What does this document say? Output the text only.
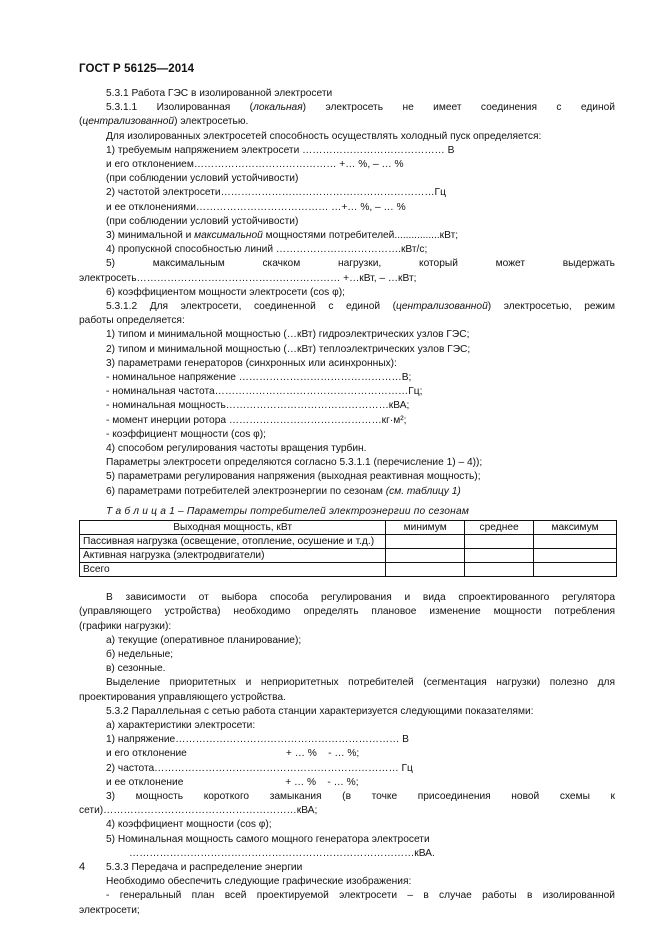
ГОСТ Р 56125—2014

5.3.1 Работа ГЭС в изолированной электросети

5.3.1.1 Изолированная (локальная) электросеть не имеет соединения с единой

(централизованной) электросетью.

Для изолированных электросетей способность осуществлять холодный пуск определяется:

1) требуемым напряжением электросети …………………………………… В

и его отклонением…………………………………… +… %, – … %

(при соблюдении условий устойчивости)

2) частотой электросети………………………………………………………Гц

и ее отклонениями………………………………… …+… %, – … %

(при соблюдении условий устойчивости)

3) минимальной и максимальной мощностями потребителей................кВт;

4) пропускной способностью линий ……………………………….кВт/с;

5) максимальным скачком нагрузки, который может выдержать

электросеть…………………………………………………… +…кВт, – …кВт;

6) коэффициентом мощности электросети (cos φ);

5.3.1.2 Для электросети, соединенной с единой (централизованной) электросетью, режим

работы определяется:

1) типом и минимальной мощностью (…кВт) гидроэлектрических узлов ГЭС;

2) типом и минимальной мощностью (…кВт) теплоэлектрических узлов ГЭС;

3) параметрами генераторов (синхронных или асинхронных):

- номинальное напряжение …………………………………………В;

- номинальная частота…………………………………………………Гц;

- номинальная мощность…………………………………………кВА;

- момент инерции ротора ………………………………………кг·м²;

- коэффициент мощности (cos φ);

4) способом регулирования частоты вращения турбин.

Параметры электросети определяются согласно 5.3.1.1 (перечисление 1) – 4));

5) параметрами регулирования напряжения (выходная реактивная мощность);

6) параметрами потребителей электроэнергии по сезонам (см. таблицу 1)

Т а б л и ц а 1 – Параметры потребителей электроэнергии по сезонам

Выходная мощность, кВт	минимум	среднее	максимум
Пассивная нагрузка (освещение, отопление, осушение и т.д.)			
Активная нагрузка (электродвигатели)			
Всего			

В зависимости от выбора способа регулирования и вида спроектированного регулятора

(управляющего устройства) необходимо определять плановое изменение мощности потребления

(графики нагрузки):

а) текущие (оперативное планирование);

б) недельные;

в) сезонные.

Выделение приоритетных и неприоритетных потребителей (сегментация нагрузки) полезно для

проектирования управляющего устройства.

5.3.2 Параллельная с сетью работа станции характеризуется следующими показателями:

а) характеристики электросети:

1) напряжение………………………………………………………… В

и его отклонение                                   + … %    - … %;

2) частота……………………………………………………………… Гц

и ее отклонение                                    + … %    - … %;

3) мощность короткого замыкания (в точке присоединения новой схемы к

сети)…………………………………………………кВА;

4) коэффициент мощности (cos φ);

5) Номинальная мощность самого мощного генератора электросети

…………………………………………………………………………кВА.

5.3.3 Передача и распределение энергии

Необходимо обеспечить следующие графические изображения:

- генеральный план всей проектируемой электросети – в случае работы в изолированной

электросети;

4
